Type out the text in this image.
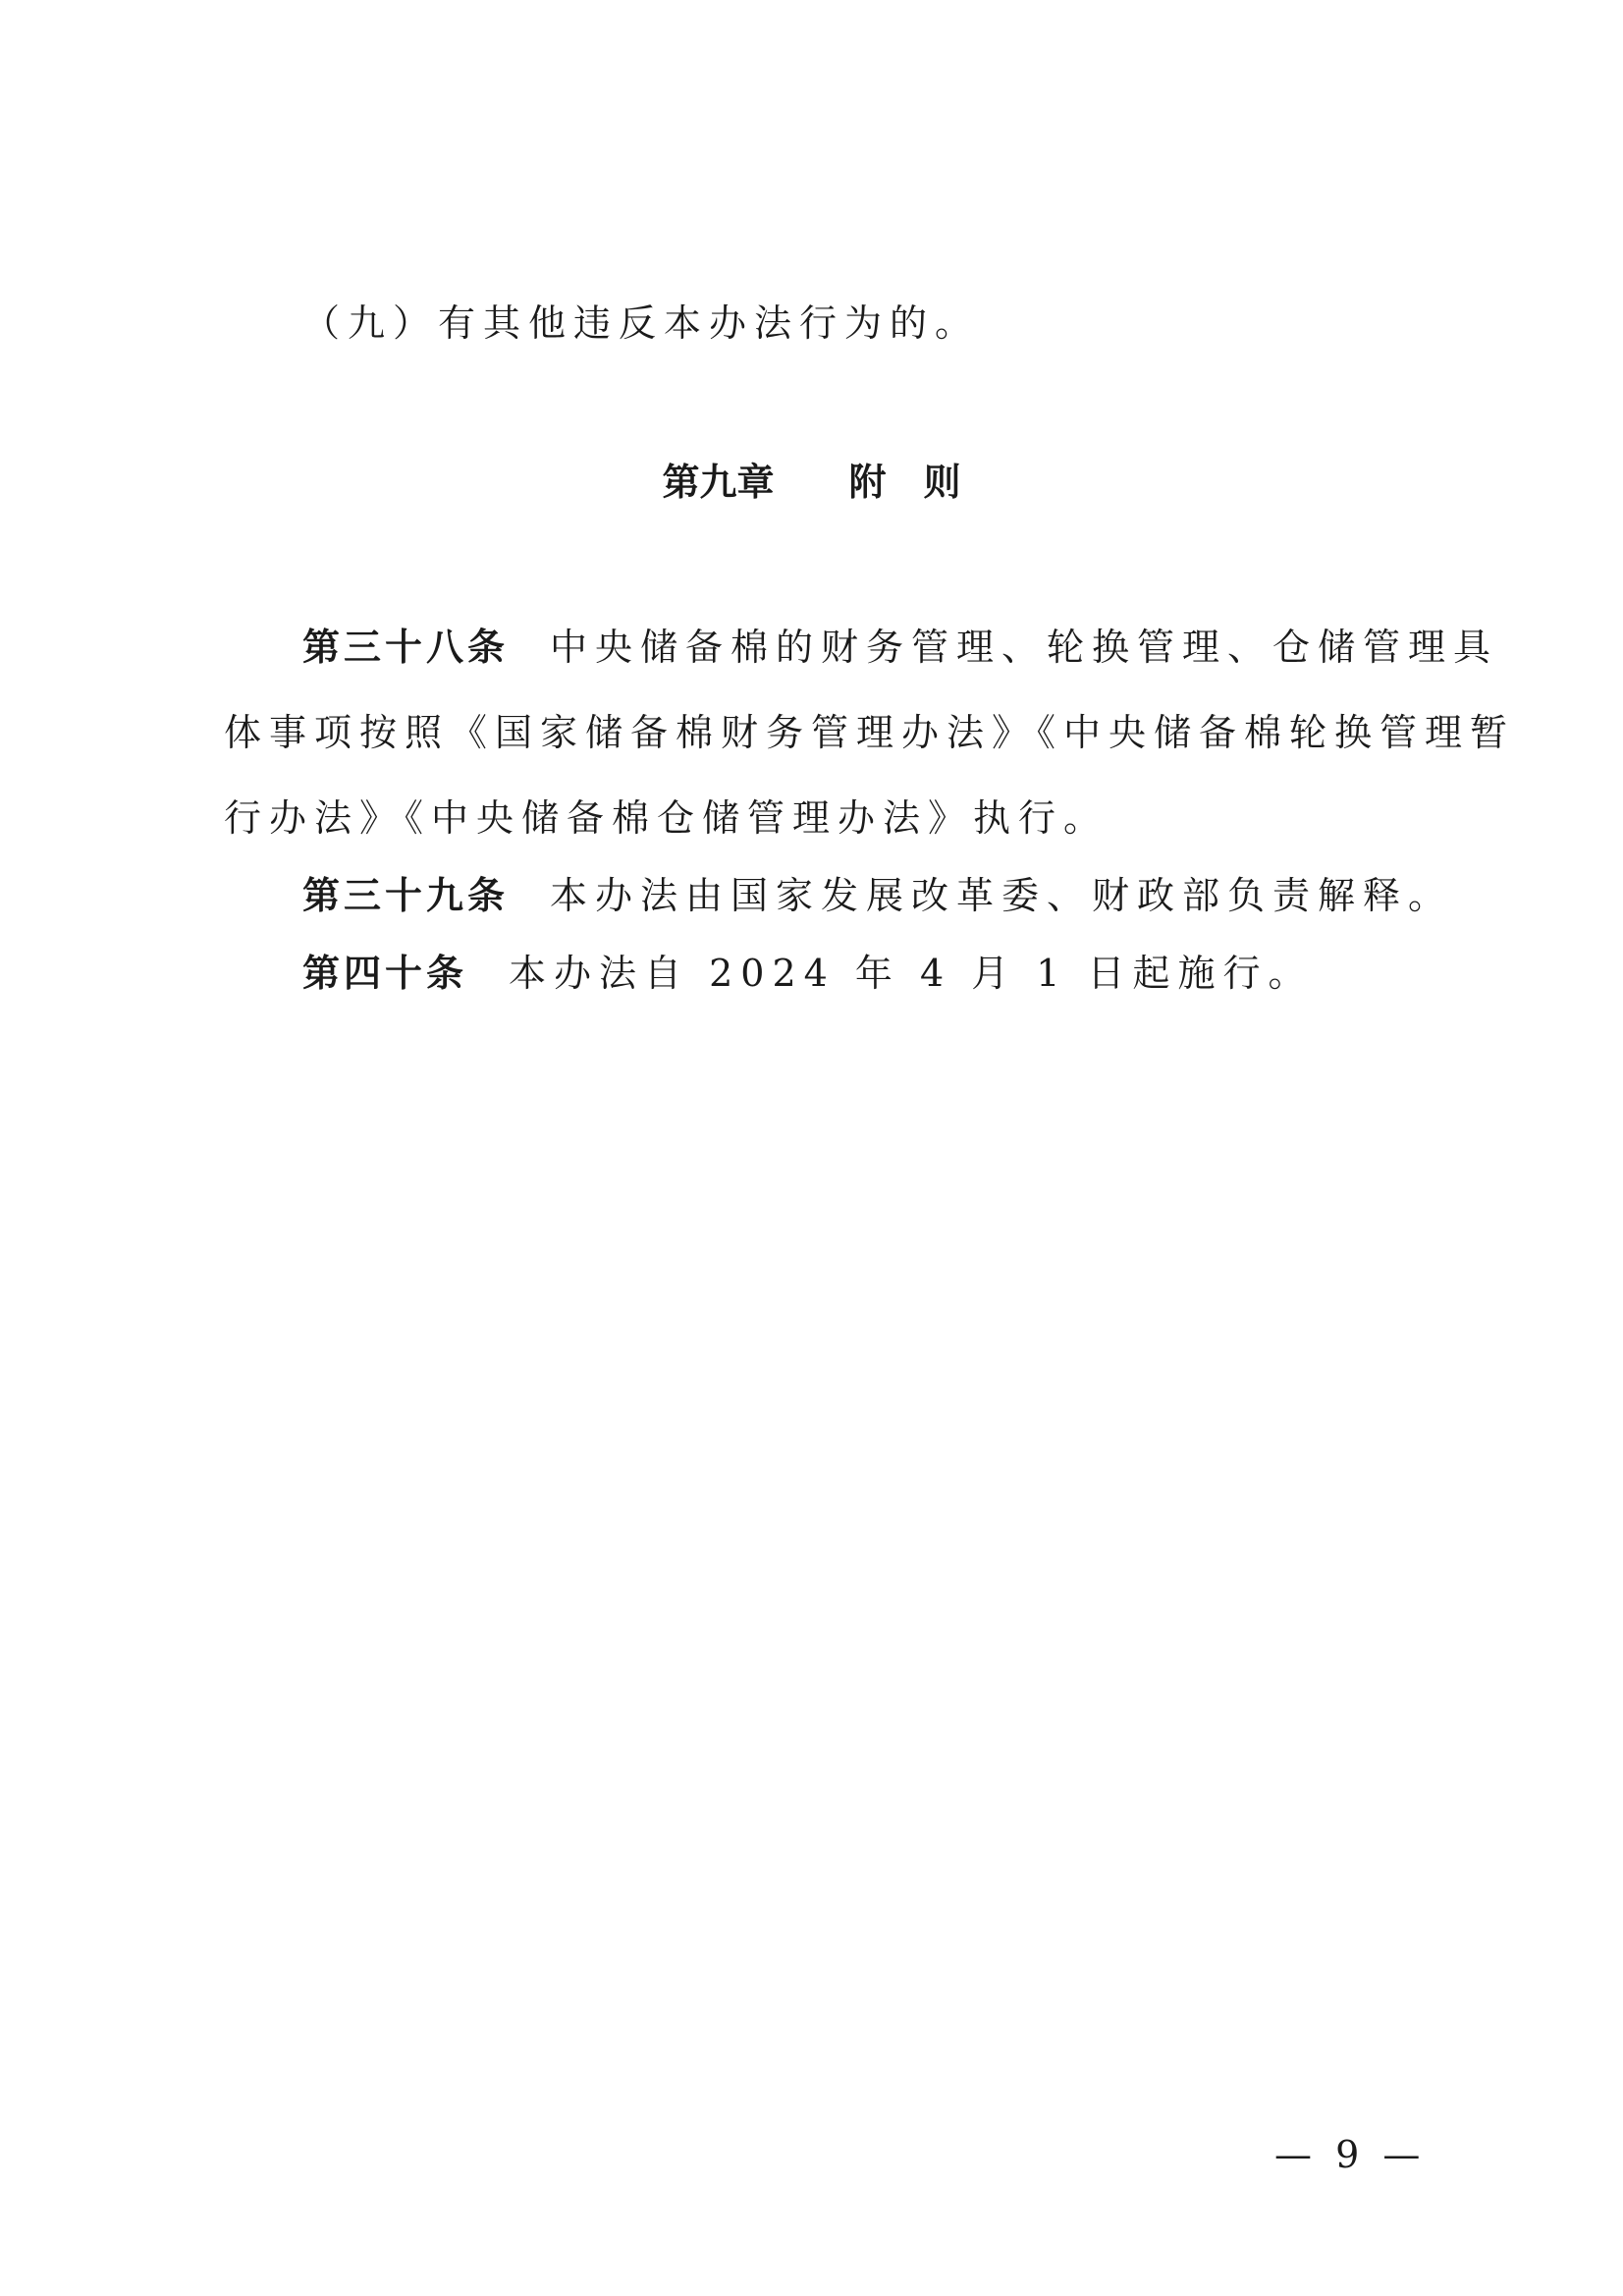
（九）有其他违反本办法行为的。
第九章 附 则
第三十八条 中央储备棉的财务管理、轮换管理、仓储管理具
体事项按照《国家储备棉财务管理办法》《中央储备棉轮换管理暂
行办法》《中央储备棉仓储管理办法》执行。
第三十九条 本办法由国家发展改革委、财政部负责解释。
第四十条 本办法自 2024 年 4 月 1 日起施行。
— 9 —
